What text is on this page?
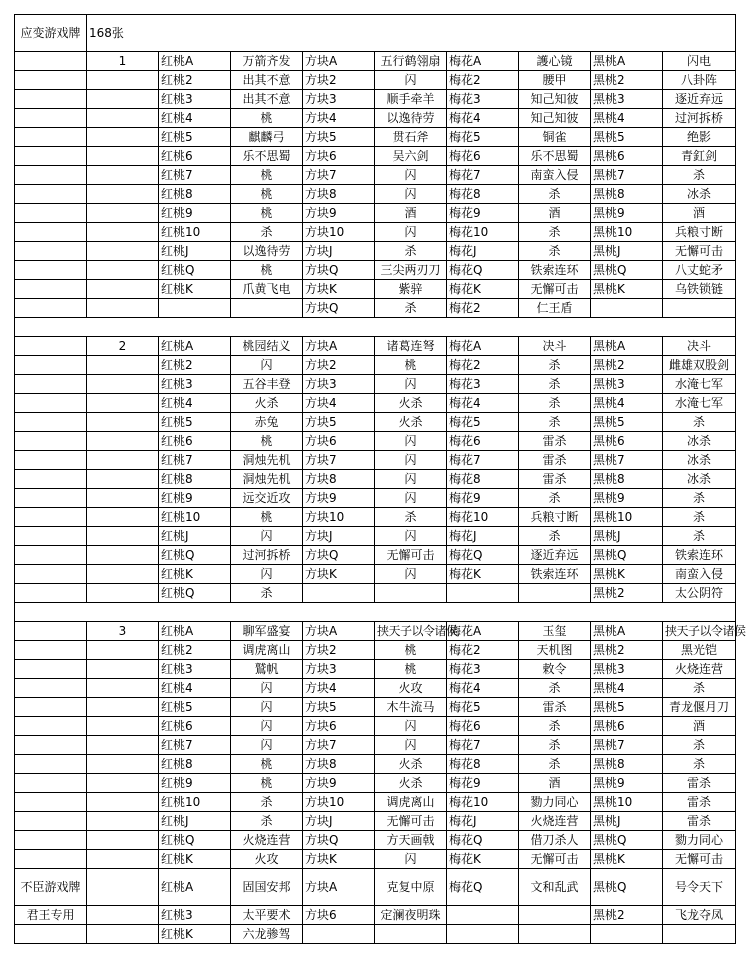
应变游戏牌	168张								
	1	红桃A	万箭齐发	方块A	五行鹤翎扇	梅花A	護心镜	黑桃A	闪电
		红桃2	出其不意	方块2	闪	梅花2	腰甲	黑桃2	八卦阵
		红桃3	出其不意	方块3	顺手牵羊	梅花3	知己知彼	黑桃3	逐近弃远
		红桃4	桃	方块4	以逸待劳	梅花4	知己知彼	黑桃4	过河拆桥
		红桃5	麒麟弓	方块5	贯石斧	梅花5	铜雀	黑桃5	绝影
		红桃6	乐不思蜀	方块6	吴六剑	梅花6	乐不思蜀	黑桃6	青釭剑
		红桃7	桃	方块7	闪	梅花7	南蛮入侵	黑桃7	杀
		红桃8	桃	方块8	闪	梅花8	杀	黑桃8	冰杀
		红桃9	桃	方块9	酒	梅花9	酒	黑桃9	酒
		红桃10	杀	方块10	闪	梅花10	杀	黑桃10	兵粮寸断
		红桃J	以逸待劳	方块J	杀	梅花J	杀	黑桃J	无懈可击
		红桃Q	桃	方块Q	三尖两刃刀	梅花Q	铁索连环	黑桃Q	八丈蛇矛
		红桃K	爪黄飞电	方块K	紫骍	梅花K	无懈可击	黑桃K	乌铁锁链
				方块Q	杀	梅花2	仁王盾		

	2	红桃A	桃园结义	方块A	诸葛连弩	梅花A	决斗	黑桃A	决斗
		红桃2	闪	方块2	桃	梅花2	杀	黑桃2	雌雄双股剑
		红桃3	五谷丰登	方块3	闪	梅花3	杀	黑桃3	水淹七军
		红桃4	火杀	方块4	火杀	梅花4	杀	黑桃4	水淹七军
		红桃5	赤兔	方块5	火杀	梅花5	杀	黑桃5	杀
		红桃6	桃	方块6	闪	梅花6	雷杀	黑桃6	冰杀
		红桃7	洞烛先机	方块7	闪	梅花7	雷杀	黑桃7	冰杀
		红桃8	洞烛先机	方块8	闪	梅花8	雷杀	黑桃8	冰杀
		红桃9	远交近攻	方块9	闪	梅花9	杀	黑桃9	杀
		红桃10	桃	方块10	杀	梅花10	兵粮寸断	黑桃10	杀
		红桃J	闪	方块J	闪	梅花J	杀	黑桃J	杀
		红桃Q	过河拆桥	方块Q	无懈可击	梅花Q	逐近弃远	黑桃Q	铁索连环
		红桃K	闪	方块K	闪	梅花K	铁索连环	黑桃K	南蛮入侵
		红桃Q	杀					黑桃2	太公阴符

	3	红桃A	聊军盛宴	方块A	挟天子以令诸侯	梅花A	玉玺	黑桃A	挟天子以令诸侯
		红桃2	调虎离山	方块2	桃	梅花2	天机图	黑桃2	黑光铠
		红桃3	鷲帆	方块3	桃	梅花3	敕令	黑桃3	火烧连营
		红桃4	闪	方块4	火攻	梅花4	杀	黑桃4	杀
		红桃5	闪	方块5	木牛流马	梅花5	雷杀	黑桃5	青龙偃月刀
		红桃6	闪	方块6	闪	梅花6	杀	黑桃6	酒
		红桃7	闪	方块7	闪	梅花7	杀	黑桃7	杀
		红桃8	桃	方块8	火杀	梅花8	杀	黑桃8	杀
		红桃9	桃	方块9	火杀	梅花9	酒	黑桃9	雷杀
		红桃10	杀	方块10	调虎离山	梅花10	勠力同心	黑桃10	雷杀
		红桃J	杀	方块J	无懈可击	梅花J	火烧连营	黑桃J	雷杀
		红桃Q	火烧连营	方块Q	方天画戟	梅花Q	借刀杀人	黑桃Q	勠力同心
		红桃K	火攻	方块K	闪	梅花K	无懈可击	黑桃K	无懈可击
不臣游戏牌		红桃A	固国安邦	方块A	克复中原	梅花Q	文和乱武	黑桃Q	号令天下
君王专用		红桃3	太平要术	方块6	定澜夜明珠			黑桃2	飞龙夺凤
		红桃K	六龙骖驾						
